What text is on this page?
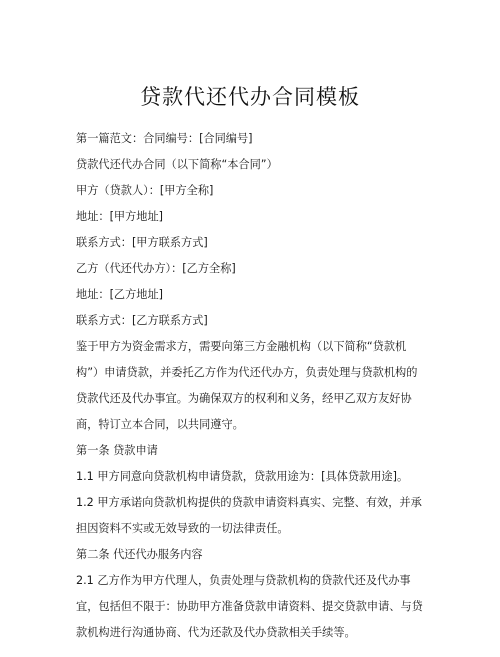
贷款代还代办合同模板

第一篇范文：合同编号：[合同编号]

贷款代还代办合同（以下简称“本合同”）

甲方（贷款人）：[甲方全称]

地址：[甲方地址]

联系方式：[甲方联系方式]

乙方（代还代办方）：[乙方全称]

地址：[乙方地址]

联系方式：[乙方联系方式]

鉴于甲方为资金需求方，需要向第三方金融机构（以下简称“贷款机构”）申请贷款，并委托乙方作为代还代办方，负责处理与贷款机构的贷款代还及代办事宜。为确保双方的权利和义务，经甲乙双方友好协商，特订立本合同，以共同遵守。

第一条 贷款申请

1.1 甲方同意向贷款机构申请贷款，贷款用途为：[具体贷款用途]。

1.2 甲方承诺向贷款机构提供的贷款申请资料真实、完整、有效，并承担因资料不实或无效导致的一切法律责任。

第二条 代还代办服务内容

2.1 乙方作为甲方代理人，负责处理与贷款机构的贷款代还及代办事宜，包括但不限于：协助甲方准备贷款申请资料、提交贷款申请、与贷款机构进行沟通协商、代为还款及代办贷款相关手续等。
